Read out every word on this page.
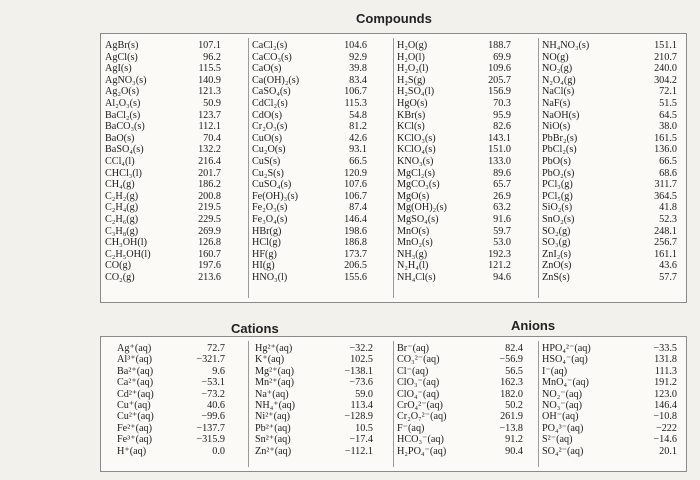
Compounds
AgBr(s)
AgCl(s)
AgI(s)
AgNO₃(s)
Ag₂O(s)
Al₂O₃(s)
BaCl₂(s)
BaCO₃(s)
BaO(s)
BaSO₄(s)
CCl₄(l)
CHCl₃(l)
CH₄(g)
C₂H₂(g)
C₂H₄(g)
C₂H₆(g)
C₃H₈(g)
CH₃OH(l)
C₂H₅OH(l)
CO(g)
CO₂(g)
107.1
96.2
115.5
140.9
121.3
50.9
123.7
112.1
70.4
132.2
216.4
201.7
186.2
200.8
219.5
229.5
269.9
126.8
160.7
197.6
213.6
CaCl₂(s)
CaCO₃(s)
CaO(s)
Ca(OH)₂(s)
CaSO₄(s)
CdCl₂(s)
CdO(s)
Cr₂O₃(s)
CuO(s)
Cu₂O(s)
CuS(s)
Cu₂S(s)
CuSO₄(s)
Fe(OH)₃(s)
Fe₂O₃(s)
Fe₃O₄(s)
HBr(g)
HCl(g)
HF(g)
HI(g)
HNO₃(l)
104.6
92.9
39.8
83.4
106.7
115.3
54.8
81.2
42.6
93.1
66.5
120.9
107.6
106.7
87.4
146.4
198.6
186.8
173.7
206.5
155.6
H₂O(g)
H₂O(l)
H₂O₂(l)
H₂S(g)
H₂SO₄(l)
HgO(s)
KBr(s)
KCl(s)
KClO₃(s)
KClO₄(s)
KNO₃(s)
MgCl₂(s)
MgCO₃(s)
MgO(s)
Mg(OH)₂(s)
MgSO₄(s)
MnO(s)
MnO₂(s)
NH₃(g)
N₂H₄(l)
NH₄Cl(s)
188.7
69.9
109.6
205.7
156.9
70.3
95.9
82.6
143.1
151.0
133.0
89.6
65.7
26.9
63.2
91.6
59.7
53.0
192.3
121.2
94.6
NH₄NO₃(s)
NO(g)
NO₂(g)
N₂O₄(g)
NaCl(s)
NaF(s)
NaOH(s)
NiO(s)
PbBr₂(s)
PbCl₂(s)
PbO(s)
PbO₂(s)
PCl₃(g)
PCl₅(g)
SiO₂(s)
SnO₂(s)
SO₂(g)
SO₃(g)
ZnI₂(s)
ZnO(s)
ZnS(s)
151.1
210.7
240.0
304.2
72.1
51.5
64.5
38.0
161.5
136.0
66.5
68.6
311.7
364.5
41.8
52.3
248.1
256.7
161.1
43.6
57.7
Cations	Anions
Ag⁺(aq)
Al³⁺(aq)
Ba²⁺(aq)
Ca²⁺(aq)
Cd²⁺(aq)
Cu⁺(aq)
Cu²⁺(aq)
Fe²⁺(aq)
Fe³⁺(aq)
H⁺(aq)
72.7
−321.7
9.6
−53.1
−73.2
40.6
−99.6
−137.7
−315.9
0.0
Hg²⁺(aq)
K⁺(aq)
Mg²⁺(aq)
Mn²⁺(aq)
Na⁺(aq)
NH₄⁺(aq)
Ni²⁺(aq)
Pb²⁺(aq)
Sn²⁺(aq)
Zn²⁺(aq)
−32.2
102.5
−138.1
−73.6
59.0
113.4
−128.9
10.5
−17.4
−112.1
Br⁻(aq)
CO₃²⁻(aq)
Cl⁻(aq)
ClO₃⁻(aq)
ClO₄⁻(aq)
CrO₄²⁻(aq)
Cr₂O₇²⁻(aq)
F⁻(aq)
HCO₃⁻(aq)
H₂PO₄⁻(aq)
82.4
−56.9
56.5
162.3
182.0
50.2
261.9
−13.8
91.2
90.4
HPO₄²⁻(aq)
HSO₄⁻(aq)
I⁻(aq)
MnO₄⁻(aq)
NO₂⁻(aq)
NO₃⁻(aq)
OH⁻(aq)
PO₄³⁻(aq)
S²⁻(aq)
SO₄²⁻(aq)
−33.5
131.8
111.3
191.2
123.0
146.4
−10.8
−222
−14.6
20.1
